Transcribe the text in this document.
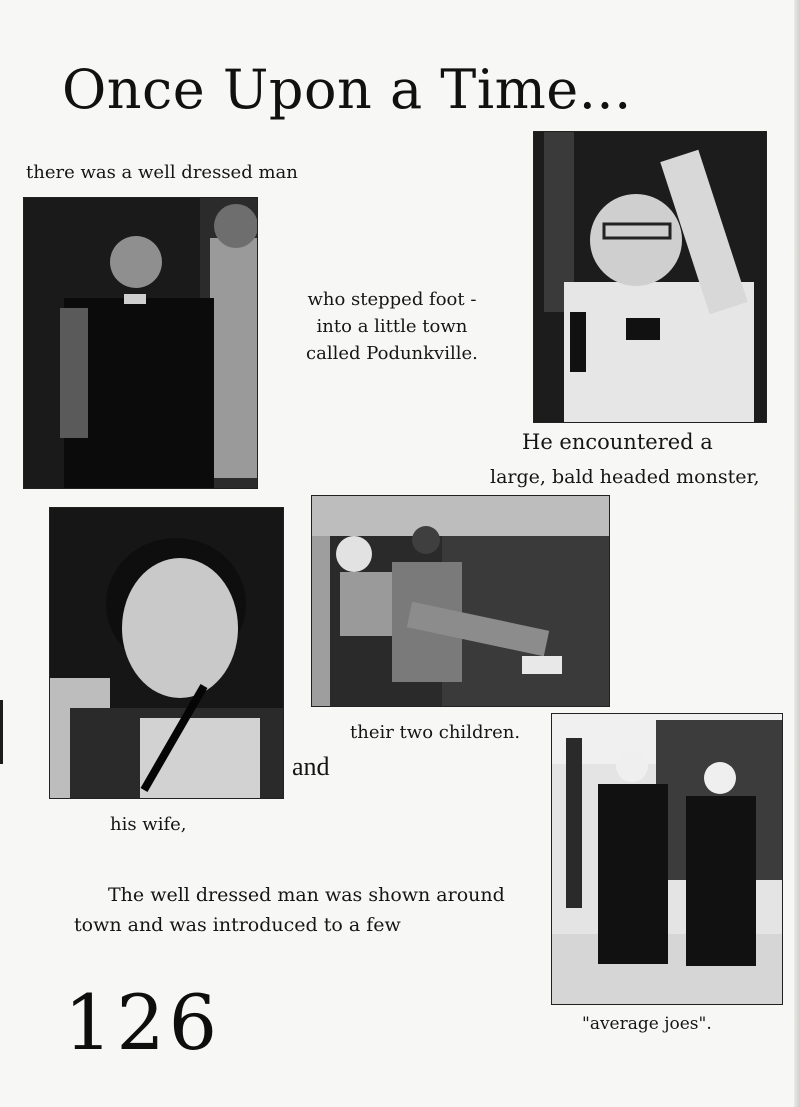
Once Upon a Time...
there was a well dressed man
who stepped foot -
into a little town
called Podunkville.
He encountered a
large, bald headed monster,
their two children.
and
his wife,
The well dressed man was shown around
town and was introduced to a few
"average joes".
126
